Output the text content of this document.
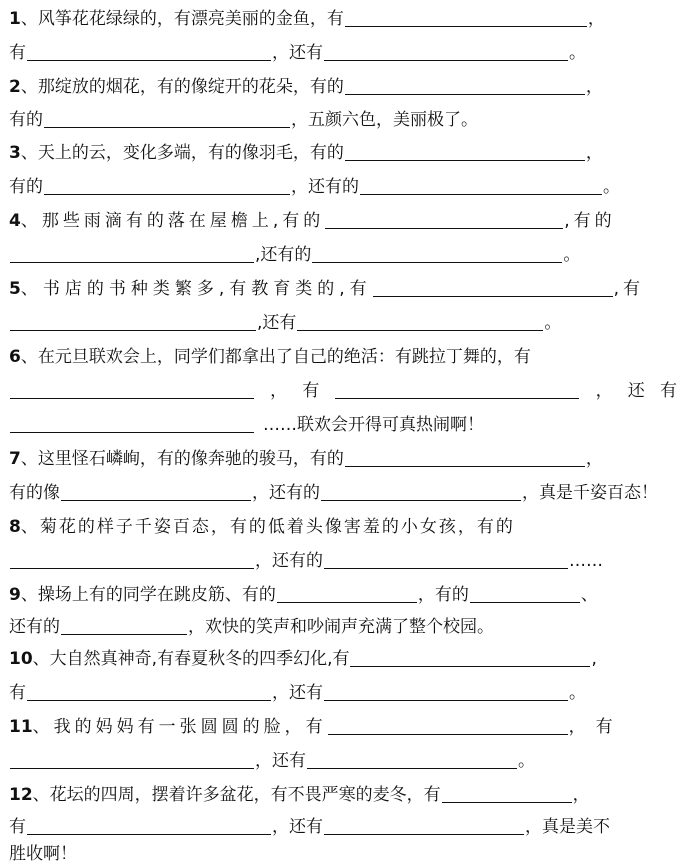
1 、风筝花花绿绿的，有漂亮美丽的金鱼，有	，
有	，还有	。
2 、那绽放的烟花，有的像绽开的花朵，有的	，
有的	，五颜六色，美丽极了。
3 、天上的云，变化多端，有的像羽毛，有的	，
有的	，还有的	。
4 、那些雨滴有的落在屋檐上,有的	,有的
,还有的	。
5 、书店的书种类繁多,有教育类的,有	,有
,还有	。
6 、在元旦联欢会上，同学们都拿出了自己的绝活：有跳拉丁舞的，有
， 有	， 还 有
……联欢会开得可真热闹啊！
7 、这里怪石嶙峋，有的像奔驰的骏马，有的	，
有的像	，还有的	，真是千姿百态！
8 、菊花的样子千姿百态，有的低着头像害羞的小女孩，有的
，还有的	……
9 、操场上有的同学在跳皮筋、有的	，有的	、
还有的	，欢快的笑声和吵闹声充满了整个校园。
10 、大自然真神奇,有春夏秋冬的四季幻化,有	,
有	，还有	。
11 、我的妈妈有一张圆圆的脸，有	，有
，还有	。
12 、花坛的四周，摆着许多盆花，有不畏严寒的麦冬，有	，
有	，还有	，真是美不
胜收啊！
